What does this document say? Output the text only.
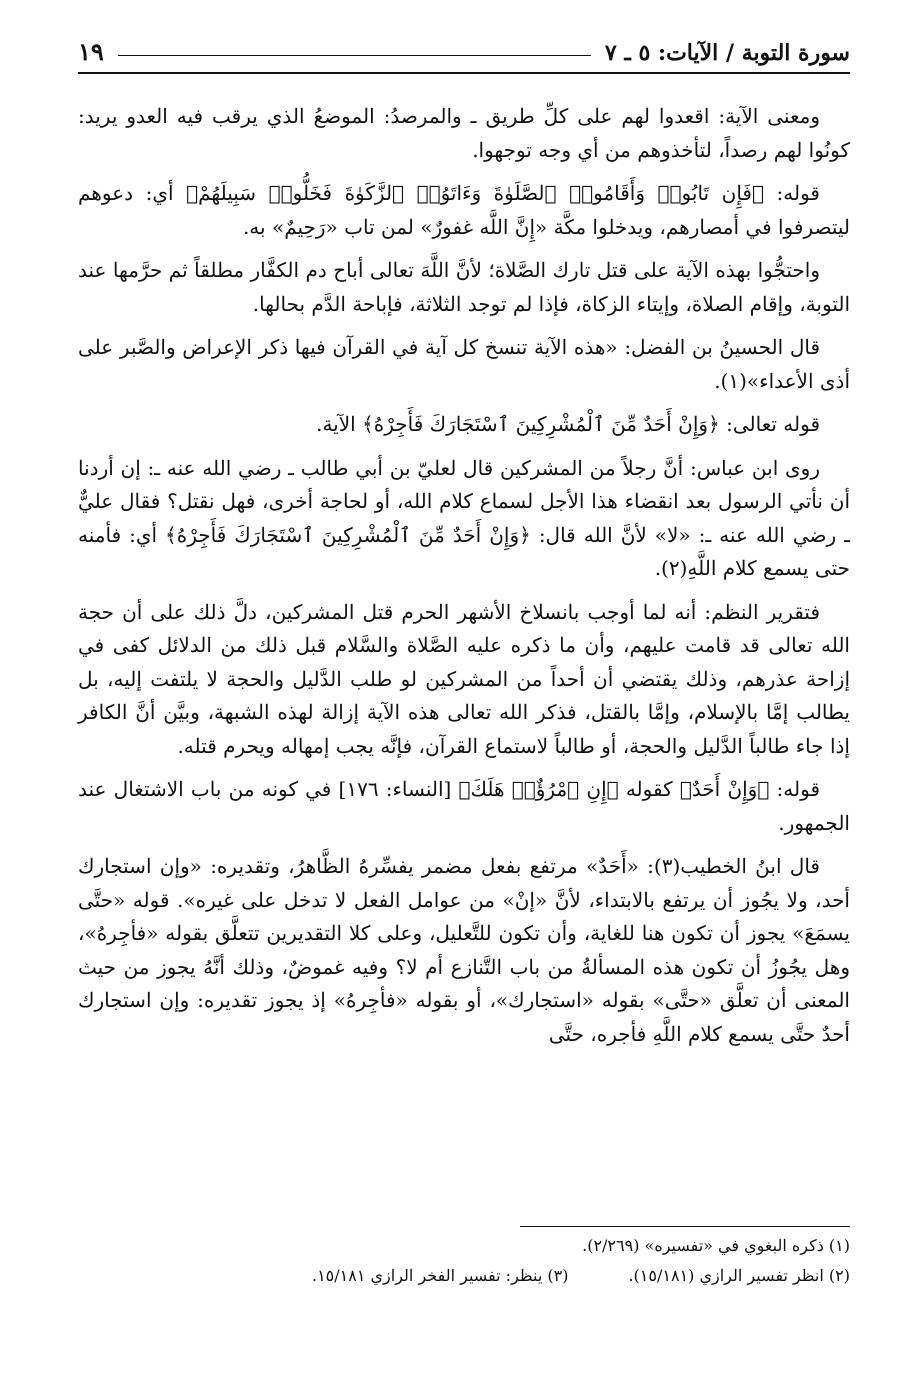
سورة التوبة / الآيات: ٥ ـ ٧
١٩

ومعنى الآية: اقعدوا لهم على كلِّ طريق ـ والمرصدُ: الموضعُ الذي يرقب فيه العدو يريد: كونُوا لهم رصداً، لتأخذوهم من أي وجه توجهوا.

قوله: ﴿فَإِن تَابُوا۟ وَأَقَامُوا۟ ٱلصَّلَوٰةَ وَءَاتَوُا۟ ٱلزَّكَوٰةَ فَخَلُّوا۟ سَبِيلَهُمْ﴾ أي: دعوهم ليتصرفوا في أمصارهم، ويدخلوا مكَّة «إِنَّ اللَّه غفورٌ» لمن تاب «رَحِيمٌ» به.

واحتجُّوا بهذه الآية على قتل تارك الصَّلاة؛ لأنَّ اللَّهَ تعالى أباح دم الكفَّار مطلقاً ثم حرَّمها عند التوبة، وإقام الصلاة، وإيتاء الزكاة، فإذا لم توجد الثلاثة، فإباحة الدَّم بحالها.

قال الحسينُ بن الفضل: «هذه الآية تنسخ كل آية في القرآن فيها ذكر الإعراض والصَّبر على أذى الأعداء»(١).

قوله تعالى: ﴿وَإِنْ أَحَدٌ مِّنَ ٱلْمُشْرِكِينَ ٱسْتَجَارَكَ فَأَجِرْهُ﴾ الآية.

روى ابن عباس: أنَّ رجلاً من المشركين قال لعليّ بن أبي طالب ـ رضي الله عنه ـ: إن أردنا أن نأتي الرسول بعد انقضاء هذا الأجل لسماع كلام الله، أو لحاجة أخرى، فهل نقتل؟ فقال عليٌّ ـ رضي الله عنه ـ: «لا» لأنَّ الله قال: ﴿وَإِنْ أَحَدٌ مِّنَ ٱلْمُشْرِكِينَ ٱسْتَجَارَكَ فَأَجِرْهُ﴾ أي: فأمنه حتى يسمع كلام اللَّهِ(٢).

فتقرير النظم: أنه لما أوجب بانسلاخ الأشهر الحرم قتل المشركين، دلَّ ذلك على أن حجة الله تعالى قد قامت عليهم، وأن ما ذكره عليه الصَّلاة والسَّلام قبل ذلك من الدلائل كفى في إزاحة عذرهم، وذلك يقتضي أن أحداً من المشركين لو طلب الدَّليل والحجة لا يلتفت إليه، بل يطالب إمَّا بالإسلام، وإمَّا بالقتل، فذكر الله تعالى هذه الآية إزالة لهذه الشبهة، وبيَّن أنَّ الكافر إذا جاء طالباً الدَّليل والحجة، أو طالباً لاستماع القرآن، فإنَّه يجب إمهاله ويحرم قتله.

قوله: ﴿وَإِنْ أَحَدٌ﴾ كقوله ﴿إِنِ ٱمْرُؤٌا۟ هَلَكَ﴾ [النساء: ١٧٦] في كونه من باب الاشتغال عند الجمهور.

قال ابنُ الخطيب(٣): «أَحَدٌ» مرتفع بفعل مضمر يفسِّرهُ الظَّاهرُ، وتقديره: «وإن استجارك أحد، ولا يجُوز أن يرتفع بالابتداء، لأنَّ «إنْ» من عوامل الفعل لا تدخل على غيره». قوله «حتَّى يسمَعَ» يجوز أن تكون هنا للغاية، وأن تكون للتَّعليل، وعلى كلا التقديرين تتعلَّق بقوله «فأجِرهُ»، وهل يجُوزُ أن تكون هذه المسألةُ من باب التَّنازع أم لا؟ وفيه غموضٌ، وذلك أنَّهُ يجوز من حيث المعنى أن تعلَّق «حتَّى» بقوله «استجارك»، أو بقوله «فأجِرهُ» إذ يجوز تقديره: وإن استجارك أحدٌ حتَّى يسمع كلام اللَّهِ فأجره، حتَّى

(١) ذكره البغوي في «تفسيره» (٢/٢٦٩).
(٢) انظر تفسير الرازي (١٥/١٨١).
(٣) ينظر: تفسير الفخر الرازي ١٥/١٨١.
